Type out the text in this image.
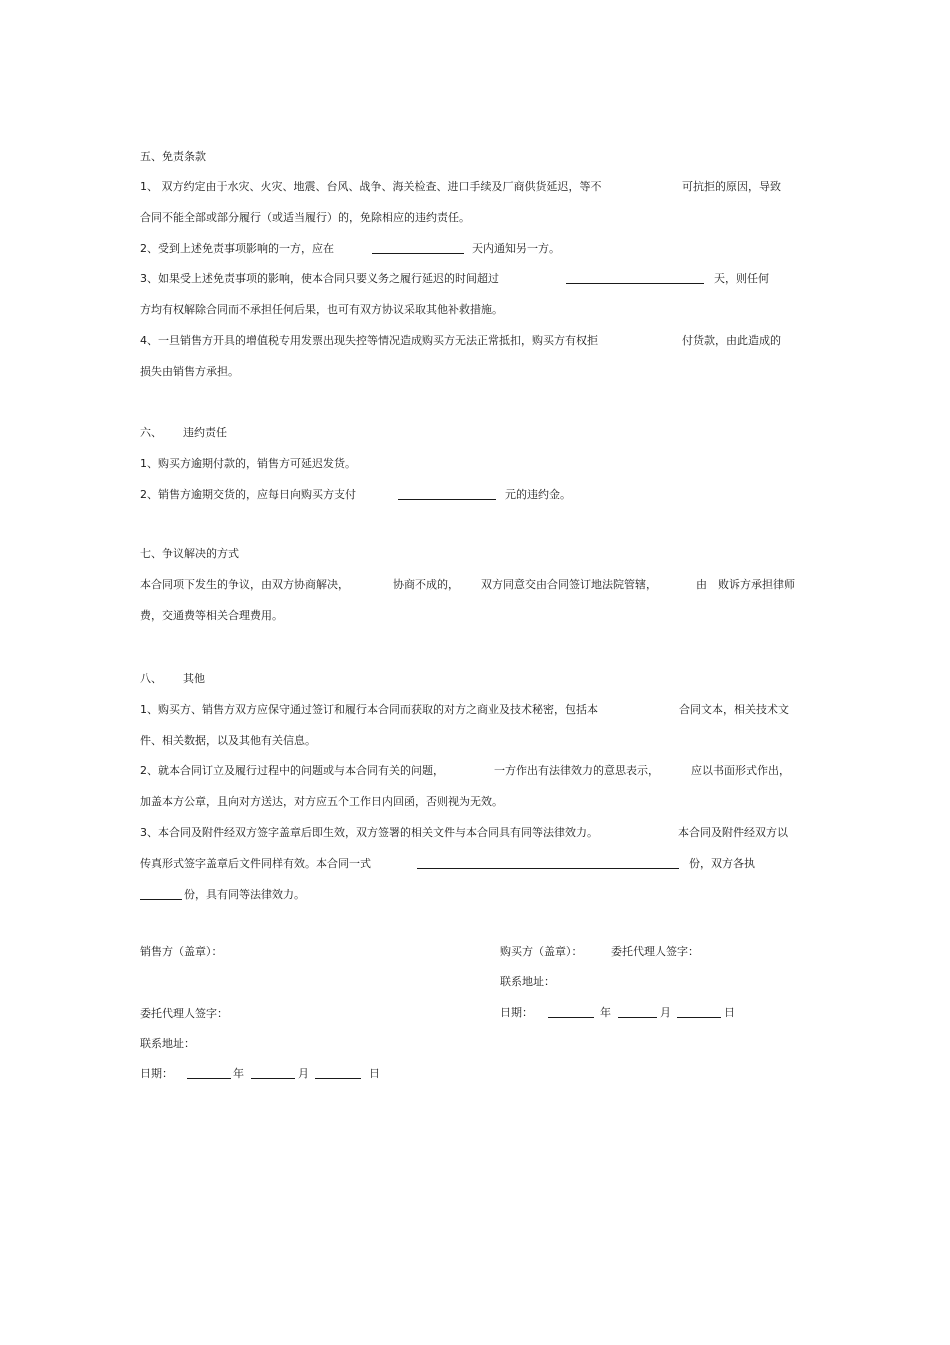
五、免责条款
1、 双方约定由于水灾、火灾、地震、台风、战争、海关检查、进口手续及厂商供货延迟，等不	可抗拒的原因，导致
合同不能全部或部分履行（或适当履行）的，免除相应的违约责任。
2、受到上述免责事项影响的一方，应在	天内通知另一方。
3、如果受上述免责事项的影响，使本合同只要义务之履行延迟的时间超过	天，则任何
方均有权解除合同而不承担任何后果，也可有双方协议采取其他补救措施。
4、一旦销售方开具的增值税专用发票出现失控等情况造成购买方无法正常抵扣，购买方有权拒	付货款，由此造成的
损失由销售方承担。
六、 违约责任
1、购买方逾期付款的，销售方可延迟发货。
2、销售方逾期交货的，应每日向购买方支付	元的违约金。
七、争议解决的方式
本合同项下发生的争议，由双方协商解决，	协商不成的， 双方同意交由合同签订地法院管辖，	由 败诉方承担律师
费，交通费等相关合理费用。
八、 其他
1、购买方、销售方双方应保守通过签订和履行本合同而获取的对方之商业及技术秘密，包括本	合同文本，相关技术文
件、相关数据，以及其他有关信息。
2、就本合同订立及履行过程中的问题或与本合同有关的问题，	一方作出有法律效力的意思表示，	应以书面形式作出，
加盖本方公章，且向对方送达，对方应五个工作日内回函，否则视为无效。
3、本合同及附件经双方签字盖章后即生效，双方签署的相关文件与本合同具有同等法律效力。	本合同及附件经双方以
传真形式签字盖章后文件同样有效。本合同一式	份，双方各执
份，具有同等法律效力。
销售方（盖章）：
委托代理人签字：
联系地址：
日期：	年	月	日
购买方（盖章）：	委托代理人签字：
联系地址：
日期：	年	月	日
